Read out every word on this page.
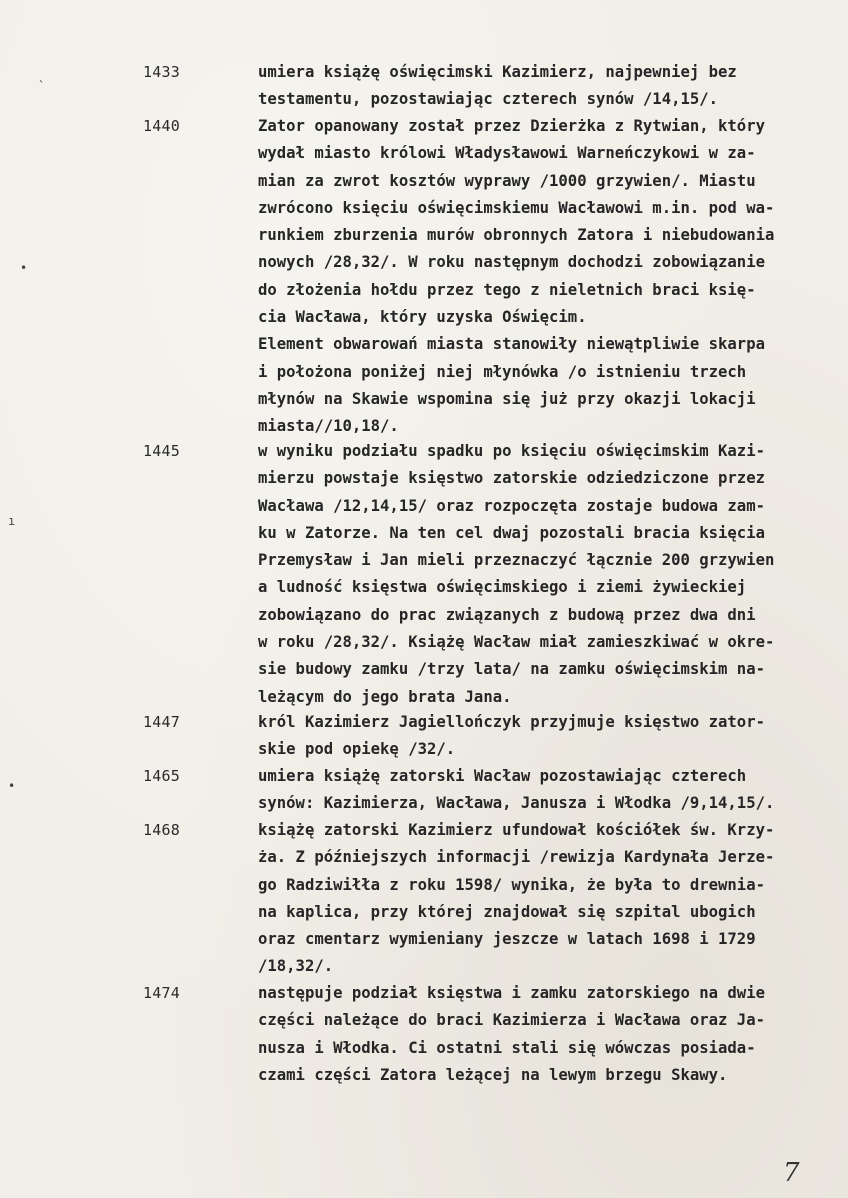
`
•
ı
•
1433	umiera książę oświęcimski Kazimierz, najpewniej bez
testamentu, pozostawiając czterech synów /14,15/.

1440	Zator opanowany został przez Dzierżka z Rytwian, który
wydał miasto królowi Władysławowi Warneńczykowi w za-
mian za zwrot kosztów wyprawy /1000 grzywien/. Miastu
zwrócono księciu oświęcimskiemu Wacławowi m.in. pod wa-
runkiem zburzenia murów obronnych Zatora i niebudowania
nowych /28,32/. W roku następnym dochodzi zobowiązanie
do złożenia hołdu przez tego z nieletnich braci księ-
cia Wacława, który uzyska Oświęcim.
Element obwarowań miasta stanowiły niewątpliwie skarpa
i położona poniżej niej młynówka /o istnieniu trzech
młynów na Skawie wspomina się już przy okazji lokacji
miasta//10,18/.

1445	w wyniku podziału spadku po księciu oświęcimskim Kazi-
mierzu powstaje księstwo zatorskie odziedziczone przez
Wacława /12,14,15/ oraz rozpoczęta zostaje budowa zam-
ku w Zatorze. Na ten cel dwaj pozostali bracia księcia
Przemysław i Jan mieli przeznaczyć łącznie 200 grzywien
a ludność księstwa oświęcimskiego i ziemi żywieckiej
zobowiązano do prac związanych z budową przez dwa dni
w roku /28,32/. Książę Wacław miał zamieszkiwać w okre-
sie budowy zamku /trzy lata/ na zamku oświęcimskim na-
leżącym do jego brata Jana.

1447	król Kazimierz Jagiellończyk przyjmuje księstwo zator-
skie pod opiekę /32/.

1465	umiera książę zatorski Wacław pozostawiając czterech
synów: Kazimierza, Wacława, Janusza i Włodka /9,14,15/.

1468	książę zatorski Kazimierz ufundował kościółek św. Krzy-
ża. Z późniejszych informacji /rewizja Kardynała Jerze-
go Radziwiłła z roku 1598/ wynika, że była to drewnia-
na kaplica, przy której znajdował się szpital ubogich
oraz cmentarz wymieniany jeszcze w latach 1698 i 1729
/18,32/.

1474	następuje podział księstwa i zamku zatorskiego na dwie
części należące do braci Kazimierza i Wacława oraz Ja-
nusza i Włodka. Ci ostatni stali się wówczas posiada-
czami części Zatora leżącej na lewym brzegu Skawy.

7
